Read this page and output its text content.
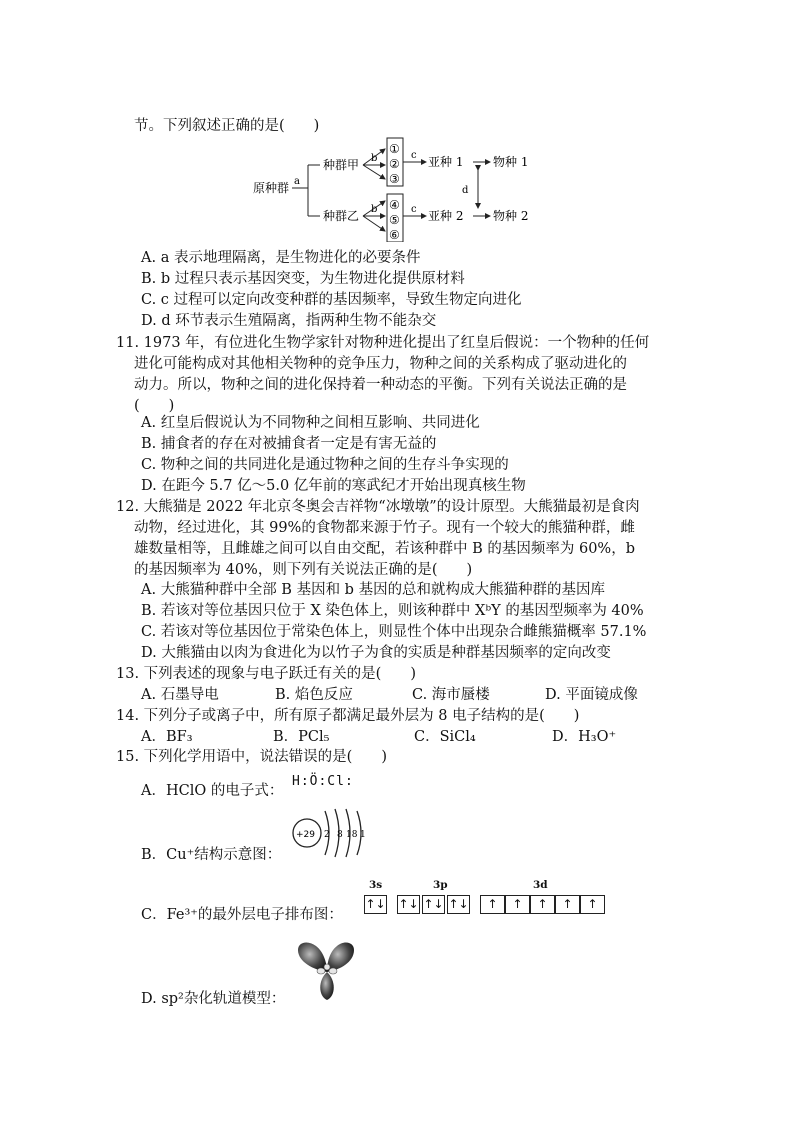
节。下列叙述正确的是(　　)
原种群 a
种群甲
种群乙
b
b
①
②
③
④
⑤
⑥
c
c
亚种 1
亚种 2
物种 1
物种 2
d
A. a 表示地理隔离，是生物进化的必要条件
B. b 过程只表示基因突变，为生物进化提供原材料
C. c 过程可以定向改变种群的基因频率，导致生物定向进化
D. d 环节表示生殖隔离，指两种生物不能杂交
11. 1973 年，有位进化生物学家针对物种进化提出了红皇后假说：一个物种的任何
进化可能构成对其他相关物种的竞争压力，物种之间的关系构成了驱动进化的
动力。所以，物种之间的进化保持着一种动态的平衡。下列有关说法正确的是
(　　)
A. 红皇后假说认为不同物种之间相互影响、共同进化
B. 捕食者的存在对被捕食者一定是有害无益的
C. 物种之间的共同进化是通过物种之间的生存斗争实现的
D. 在距今 5.7 亿～5.0 亿年前的寒武纪才开始出现真核生物
12. 大熊猫是 2022 年北京冬奥会吉祥物“冰墩墩”的设计原型。大熊猫最初是食肉
动物，经过进化，其 99%的食物都来源于竹子。现有一个较大的熊猫种群，雌
雄数量相等，且雌雄之间可以自由交配，若该种群中 B 的基因频率为 60%，b
的基因频率为 40%，则下列有关说法正确的是(　　)
A. 大熊猫种群中全部 B 基因和 b 基因的总和就构成大熊猫种群的基因库
B. 若该对等位基因只位于 X 染色体上，则该种群中 XᵇY 的基因型频率为 40%
C. 若该对等位基因位于常染色体上，则显性个体中出现杂合雌熊猫概率 57.1%
D. 大熊猫由以肉为食进化为以竹子为食的实质是种群基因频率的定向改变
13. 下列表述的现象与电子跃迁有关的是(　　)
A. 石墨导电	B. 焰色反应	C. 海市蜃楼	D. 平面镜成像
14. 下列分子或离子中，所有原子都满足最外层为 8 电子结构的是(　　)
A．BF₃	B．PCl₅	C．SiCl₄	D．H₃O⁺
15. 下列化学用语中，说法错误的是(　　)
A．HClO 的电子式：
H:Ö:Cl:
B．Cu⁺结构示意图：
+29 2 8 18 1
C．Fe³⁺的最外层电子排布图：
3s	3p	3d
↑↓ ↑↓ ↑↓ ↑↓	↑	↑	↑	↑	↑
D. sp²杂化轨道模型：
